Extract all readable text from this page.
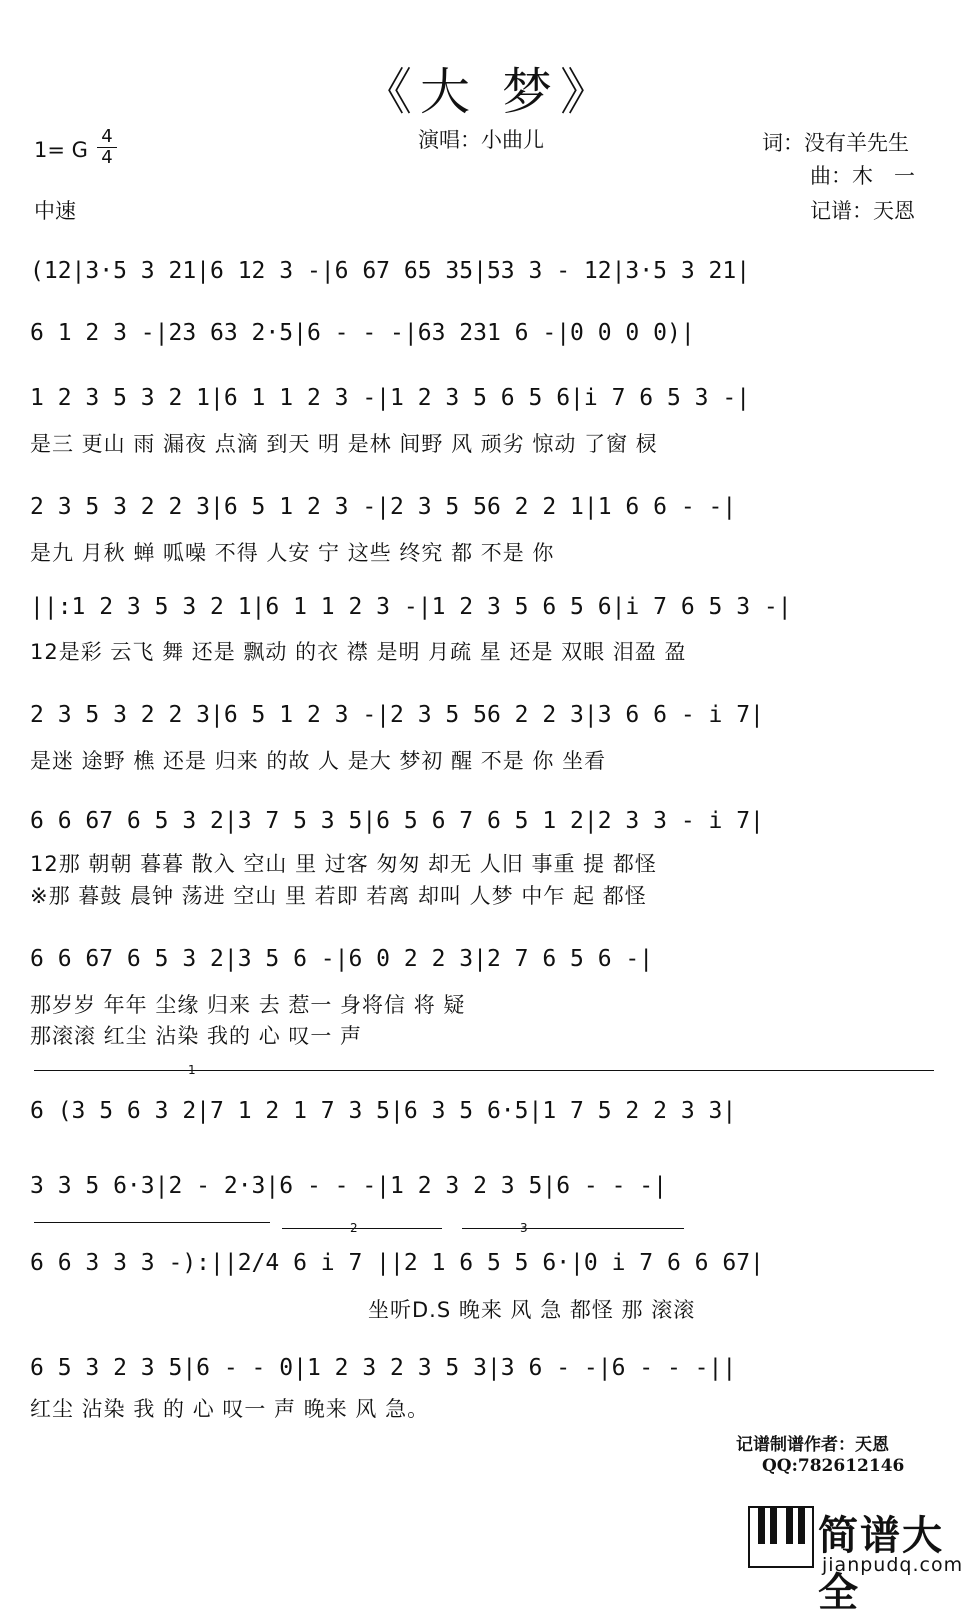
《大 梦》
1= G
4
4
中速
演唱：小曲儿	词：没有羊先生
曲：木　一
记谱：天恩
(12|3·5 3 21|6 12 3 -|6 67 65 35|53 3 - 12|3·5 3 21|
6 1 2 3 -|23 63 2·5|6 - - -|63 231 6 -|0 0 0 0)|
1 2 3 5 3 2 1|6 1 1 2 3 -|1 2 3 5 6 5 6|i 7 6 5 3 -|
是三 更山 雨 漏夜 点滴 到天 明 是林 间野 风 顽劣 惊动 了窗 棂
2 3 5 3 2 2 3|6 5 1 2 3 -|2 3 5 56 2 2 1|1 6 6 - -|
是九 月秋 蝉 呱噪 不得 人安 宁 这些 终究 都 不是 你
||:1 2 3 5 3 2 1|6 1 1 2 3 -|1 2 3 5 6 5 6|i 7 6 5 3 -|
12是彩 云飞 舞 还是 飘动 的衣 襟 是明 月疏 星 还是 双眼 泪盈 盈
2 3 5 3 2 2 3|6 5 1 2 3 -|2 3 5 56 2 2 3|3 6 6 - i 7|
是迷 途野 樵 还是 归来 的故 人 是大 梦初 醒 不是 你 坐看
6 6 67 6 5 3 2|3 7 5 3 5|6 5 6 7 6 5 1 2|2 3 3 - i 7|
12那 朝朝 暮暮 散入 空山 里 过客 匆匆 却无 人旧 事重 提 都怪
※那 暮鼓 晨钟 荡进 空山 里 若即 若离 却叫 人梦 中乍 起 都怪
6 6 67 6 5 3 2|3 5 6 -|6 0 2 2 3|2 7 6 5 6 -|
那岁岁 年年 尘缘 归来 去 惹一 身将信 将 疑
那滚滚 红尘 沾染 我的 心 叹一 声
1
6 (3 5 6 3 2|7 1 2 1 7 3 5|6 3 5 6·5|1 7 5 2 2 3 3|
3 3 5 6·3|2 - 2·3|6 - - -|1 2 3 2 3 5|6 - - -|
2	3
6 6 3 3 3 -):||2/4 6 i 7 ||2 1 6 5 5 6·|0 i 7 6 6 67|
坐听D.S 晚来 风 急 都怪 那 滚滚
6 5 3 2 3 5|6 - - 0|1 2 3 2 3 5 3|3 6 - -|6 - - -||
红尘 沾染 我 的 心 叹一 声 晚来 风 急。
记谱制谱作者：天恩
QQ:782612146
简谱大全
jianpudq.com
